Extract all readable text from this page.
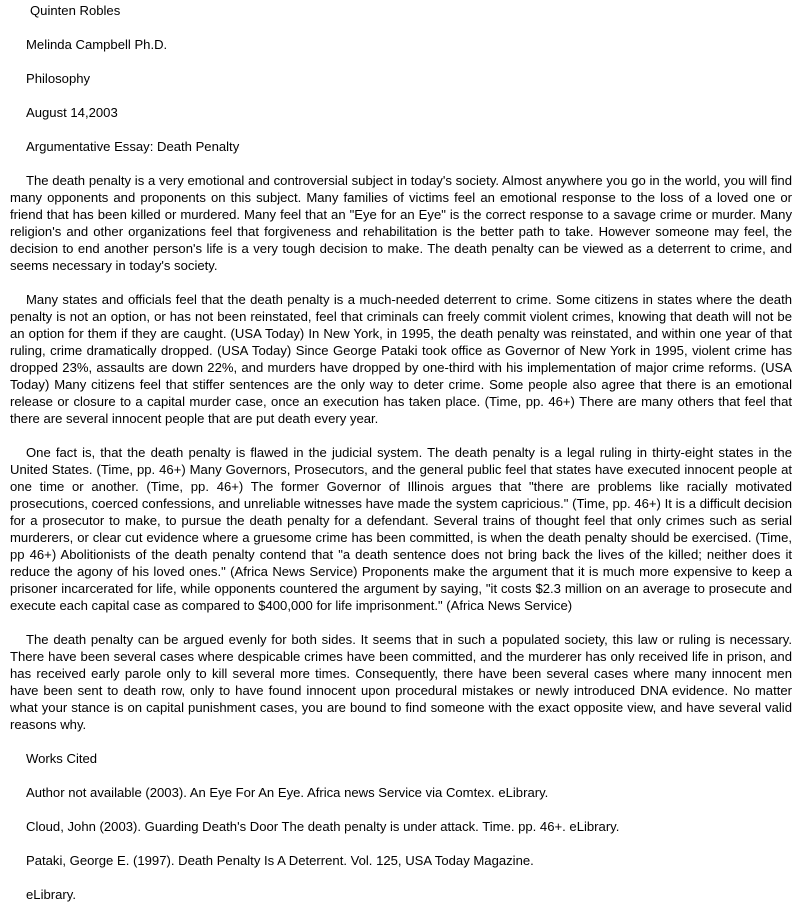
Quinten Robles

Melinda Campbell Ph.D.

Philosophy

August 14,2003

Argumentative Essay: Death Penalty

The death penalty is a very emotional and controversial subject in today's society. Almost anywhere you go in the world, you will find many opponents and proponents on this subject. Many families of victims feel an emotional response to the loss of a loved one or friend that has been killed or murdered. Many feel that an "Eye for an Eye" is the correct response to a savage crime or murder. Many religion's and other organizations feel that forgiveness and rehabilitation is the better path to take. However someone may feel, the decision to end another person's life is a very tough decision to make. The death penalty can be viewed as a deterrent to crime, and seems necessary in today's society.

Many states and officials feel that the death penalty is a much-needed deterrent to crime. Some citizens in states where the death penalty is not an option, or has not been reinstated, feel that criminals can freely commit violent crimes, knowing that death will not be an option for them if they are caught. (USA Today) In New York, in 1995, the death penalty was reinstated, and within one year of that ruling, crime dramatically dropped. (USA Today) Since George Pataki took office as Governor of New York in 1995, violent crime has dropped 23%, assaults are down 22%, and murders have dropped by one-third with his implementation of major crime reforms. (USA Today) Many citizens feel that stiffer sentences are the only way to deter crime. Some people also agree that there is an emotional release or closure to a capital murder case, once an execution has taken place. (Time, pp. 46+) There are many others that feel that there are several innocent people that are put death every year.

One fact is, that the death penalty is flawed in the judicial system. The death penalty is a legal ruling in thirty-eight states in the United States. (Time, pp. 46+) Many Governors, Prosecutors, and the general public feel that states have executed innocent people at one time or another. (Time, pp. 46+) The former Governor of Illinois argues that "there are problems like racially motivated prosecutions, coerced confessions, and unreliable witnesses have made the system capricious." (Time, pp. 46+) It is a difficult decision for a prosecutor to make, to pursue the death penalty for a defendant. Several trains of thought feel that only crimes such as serial murderers, or clear cut evidence where a gruesome crime has been committed, is when the death penalty should be exercised. (Time, pp 46+) Abolitionists of the death penalty contend that "a death sentence does not bring back the lives of the killed; neither does it reduce the agony of his loved ones." (Africa News Service) Proponents make the argument that it is much more expensive to keep a prisoner incarcerated for life, while opponents countered the argument by saying, "it costs $2.3 million on an average to prosecute and execute each capital case as compared to $400,000 for life imprisonment." (Africa News Service)

The death penalty can be argued evenly for both sides. It seems that in such a populated society, this law or ruling is necessary. There have been several cases where despicable crimes have been committed, and the murderer has only received life in prison, and has received early parole only to kill several more times. Consequently, there have been several cases where many innocent men have been sent to death row, only to have found innocent upon procedural mistakes or newly introduced DNA evidence. No matter what your stance is on capital punishment cases, you are bound to find someone with the exact opposite view, and have several valid reasons why.

Works Cited

Author not available (2003). An Eye For An Eye. Africa news Service via Comtex. eLibrary.

Cloud, John (2003). Guarding Death's Door The death penalty is under attack. Time. pp. 46+. eLibrary.

Pataki, George E. (1997). Death Penalty Is A Deterrent. Vol. 125, USA Today Magazine.

eLibrary.
